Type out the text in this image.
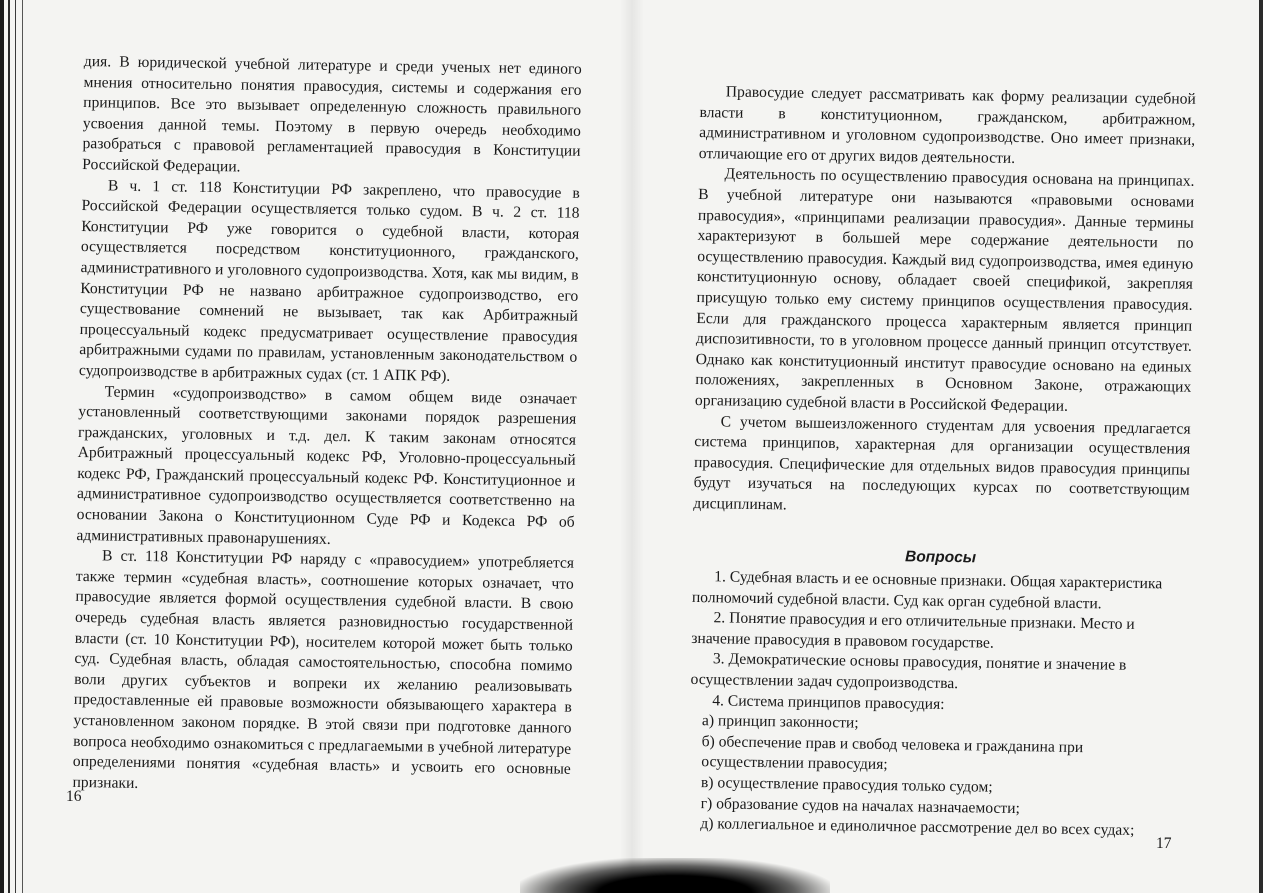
дия. В юридической учебной литературе и среди ученых нет единого мнения относительно понятия правосудия, системы и содержания его принципов. Все это вызывает определенную сложность правильного усвоения данной темы. Поэтому в первую очередь необходимо разобраться с правовой регламентацией правосудия в Конституции Российской Федерации.

В ч. 1 ст. 118 Конституции РФ закреплено, что правосудие в Российской Федерации осуществляется только судом. В ч. 2 ст. 118 Конституции РФ уже говорится о судебной власти, которая осуществляется посредством конституционного, гражданского, административного и уголовного судопроизводства. Хотя, как мы видим, в Конституции РФ не названо арбитражное судопроизводство, его существование сомнений не вызывает, так как Арбитражный процессуальный кодекс предусматривает осуществление правосудия арбитражными судами по правилам, установленным законодательством о судопроизводстве в арбитражных судах (ст. 1 АПК РФ).

Термин «судопроизводство» в самом общем виде означает установленный соответствующими законами порядок разрешения гражданских, уголовных и т.д. дел. К таким законам относятся Арбитражный процессуальный кодекс РФ, Уголовно-процессуальный кодекс РФ, Гражданский процессуальный кодекс РФ. Конституционное и административное судопроизводство осуществляется соответственно на основании Закона о Конституционном Суде РФ и Кодекса РФ об административных правонарушениях.

В ст. 118 Конституции РФ наряду с «правосудием» употребляется также термин «судебная власть», соотношение которых означает, что правосудие является формой осуществления судебной власти. В свою очередь судебная власть является разновидностью государственной власти (ст. 10 Конституции РФ), носителем которой может быть только суд. Судебная власть, обладая самостоятельностью, способна помимо воли других субъектов и вопреки их желанию реализовывать предоставленные ей правовые возможности обязывающего характера в установленном законом порядке. В этой связи при подготовке данного вопроса необходимо ознакомиться с предлагаемыми в учебной литературе определениями понятия «судебная власть» и усвоить его основные признаки.

16

Правосудие следует рассматривать как форму реализации судебной власти в конституционном, гражданском, арбитражном, административном и уголовном судопроизводстве. Оно имеет признаки, отличающие его от других видов деятельности.

Деятельность по осуществлению правосудия основана на принципах. В учебной литературе они называются «правовыми основами правосудия», «принципами реализации правосудия». Данные термины характеризуют в большей мере содержание деятельности по осуществлению правосудия. Каждый вид судопроизводства, имея единую конституционную основу, обладает своей спецификой, закрепляя присущую только ему систему принципов осуществления правосудия. Если для гражданского процесса характерным является принцип диспозитивности, то в уголовном процессе данный принцип отсутствует. Однако как конституционный институт правосудие основано на единых положениях, закрепленных в Основном Законе, отражающих организацию судебной власти в Российской Федерации.

С учетом вышеизложенного студентам для усвоения предлагается система принципов, характерная для организации осуществления правосудия. Специфические для отдельных видов правосудия принципы будут изучаться на последующих курсах по соответствующим дисциплинам.

Вопросы

1. Судебная власть и ее основные признаки. Общая характеристика полномочий судебной власти. Суд как орган судебной власти.

2. Понятие правосудия и его отличительные признаки. Место и значение правосудия в правовом государстве.

3. Демократические основы правосудия, понятие и значение в осуществлении задач судопроизводства.

4. Система принципов правосудия:

а) принцип законности;

б) обеспечение прав и свобод человека и гражданина при осуществлении правосудия;

в) осуществление правосудия только судом;

г) образование судов на началах назначаемости;

д) коллегиальное и единоличное рассмотрение дел во всех судах;

17
